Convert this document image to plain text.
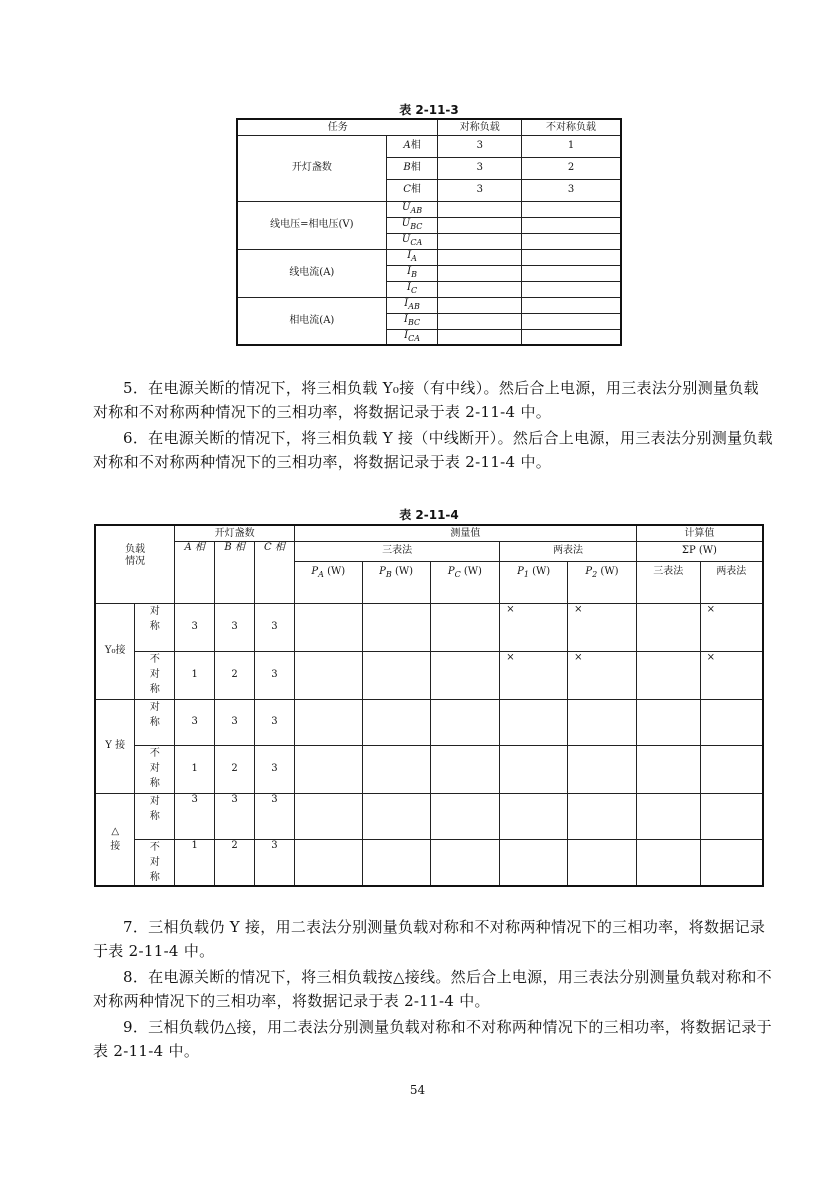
表 2-11-3
任务		对称负载	不对称负载
开灯盏数	A相	3	1
	B相	3	2
	C相	3	3
线电压=相电压(V)	$U_{AB}$		
	$U_{BC}$		
	$U_{CA}$		
线电流(A)	$I_A$		
	$I_B$		
	$I_C$		
相电流(A)	$I_{AB}$		
	$I_{BC}$		
	$I_{CA}$		
5．在电源关断的情况下，将三相负载 Y₀接（有中线）。然后合上电源，用三表法分别测量负载对称和不对称两种情况下的三相功率，将数据记录于表 2-11-4 中。
6．在电源关断的情况下，将三相负载 Y 接（中线断开）。然后合上电源，用三表法分别测量负载对称和不对称两种情况下的三相功率，将数据记录于表 2-11-4 中。
表 2-11-4
负载情况		开灯盏数			测量值					计算值	
		A 相	B 相	C 相	三表法			两表法		ΣP (W)	
					$P_A$ (W)	$P_B$ (W)	$P_C$ (W)	$P_1$ (W)	$P_2$ (W)	三表法	两表法
Y₀接	对称	3	3	3				×	×		×
	不对称	1	2	3				×	×		×
Y 接	对称	3	3	3							
	不对称	1	2	3							
△接	对称	3	3	3							
	不对称	1	2	3							
7．三相负载仍 Y 接，用二表法分别测量负载对称和不对称两种情况下的三相功率，将数据记录于表 2-11-4 中。
8．在电源关断的情况下，将三相负载按△接线。然后合上电源，用三表法分别测量负载对称和不对称两种情况下的三相功率，将数据记录于表 2-11-4 中。
9．三相负载仍△接，用二表法分别测量负载对称和不对称两种情况下的三相功率，将数据记录于表 2-11-4 中。
54
